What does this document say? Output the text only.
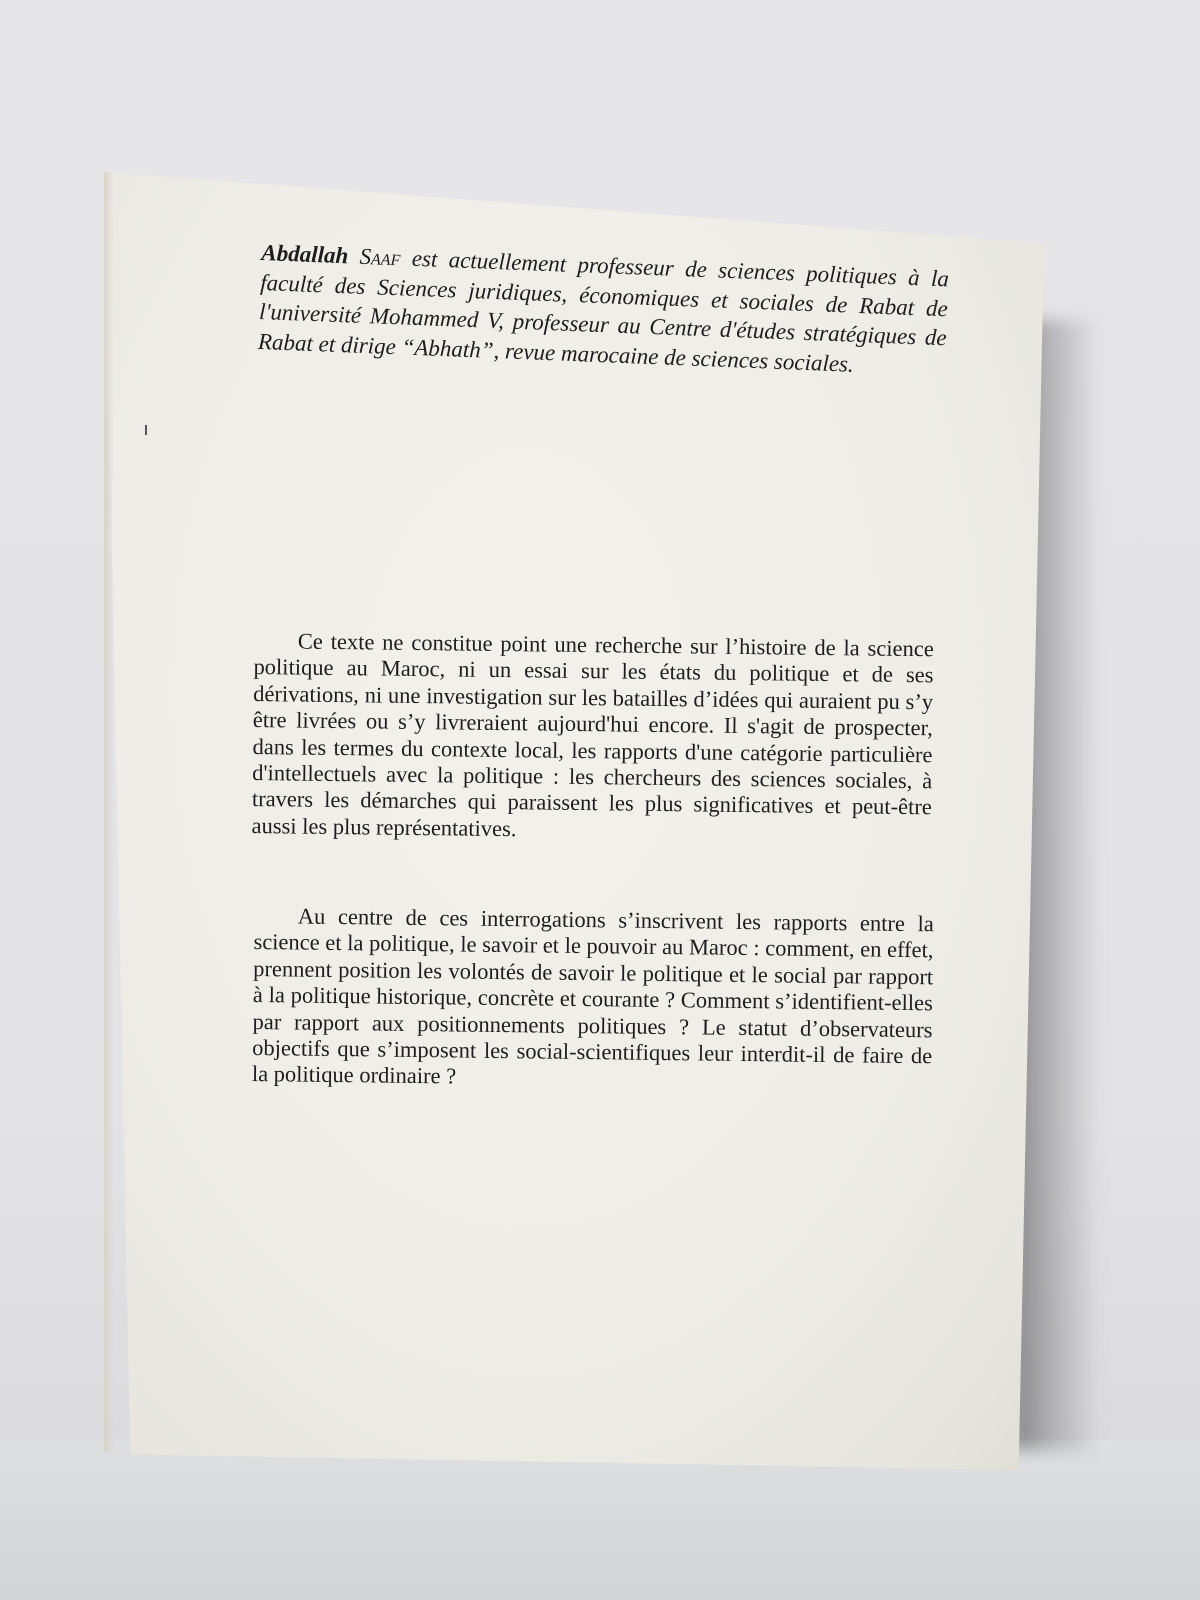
Abdallah Saaf est actuellement professeur de sciences politiques à la faculté des Sciences juridiques, économiques et sociales de Rabat de l'université Mohammed V, professeur au Centre d'études stratégiques de Rabat et dirige “Abhath”, revue marocaine de sciences sociales.

Ce texte ne constitue point une recherche sur l’histoire de la science politique au Maroc, ni un essai sur les états du politique et de ses dérivations, ni une investigation sur les batailles d’idées qui auraient pu s’y être livrées ou s’y livreraient aujourd'hui encore. Il s'agit de prospecter, dans les termes du contexte local, les rapports d'une catégorie particulière d'intellectuels avec la politique : les chercheurs des sciences sociales, à travers les démarches qui paraissent les plus significatives et peut-être aussi les plus représentatives.

Au centre de ces interrogations s’inscrivent les rapports entre la science et la politique, le savoir et le pouvoir au Maroc : comment, en effet, prennent position les volontés de savoir le politique et le social par rapport à la politique historique, concrète et courante ? Comment s’identifient-elles par rapport aux positionnements politiques ? Le statut d’observateurs objectifs que s’imposent les social-scientifiques leur interdit-il de faire de la politique ordinaire ?
